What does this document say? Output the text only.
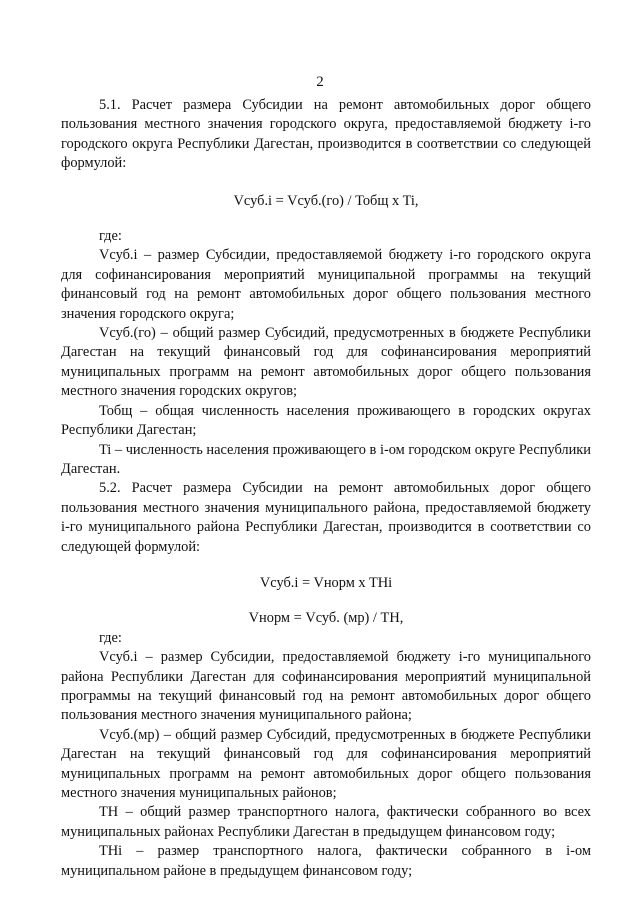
2

5.1. Расчет размера Субсидии на ремонт автомобильных дорог общего пользования местного значения городского округа, предоставляемой бюджету i-го городского округа Республики Дагестан, производится в соответствии со следующей формулой:

Vсуб.i = Vсуб.(го) / Тобщ x Ti,

где:

Vсуб.i – размер Субсидии, предоставляемой бюджету i-го городского округа для софинансирования мероприятий муниципальной программы на текущий финансовый год на ремонт автомобильных дорог общего пользования местного значения городского округа;

Vсуб.(го) – общий размер Субсидий, предусмотренных в бюджете Республики Дагестан на текущий финансовый год для софинансирования мероприятий муниципальных программ на ремонт автомобильных дорог общего пользования местного значения городских округов;

Тобщ – общая численность населения проживающего в городских округах Республики Дагестан;

Ti – численность населения проживающего в i-ом городском округе Республики Дагестан.

5.2. Расчет размера Субсидии на ремонт автомобильных дорог общего пользования местного значения муниципального района, предоставляемой бюджету i-го муниципального района Республики Дагестан, производится в соответствии со следующей формулой:

Vсуб.i = Vнорм x THi

Vнорм = Vсуб. (мр) / TH,

где:

Vсуб.i – размер Субсидии, предоставляемой бюджету i-го муниципального района Республики Дагестан для софинансирования мероприятий муниципальной программы на текущий финансовый год на ремонт автомобильных дорог общего пользования местного значения муниципального района;

Vсуб.(мр) – общий размер Субсидий, предусмотренных в бюджете Республики Дагестан на текущий финансовый год для софинансирования мероприятий муниципальных программ на ремонт автомобильных дорог общего пользования местного значения муниципальных районов;

TH – общий размер транспортного налога, фактически собранного во всех муниципальных районах Республики Дагестан в предыдущем финансовом году;

THi – размер транспортного налога, фактически собранного в i-ом муниципальном районе в предыдущем финансовом году;
